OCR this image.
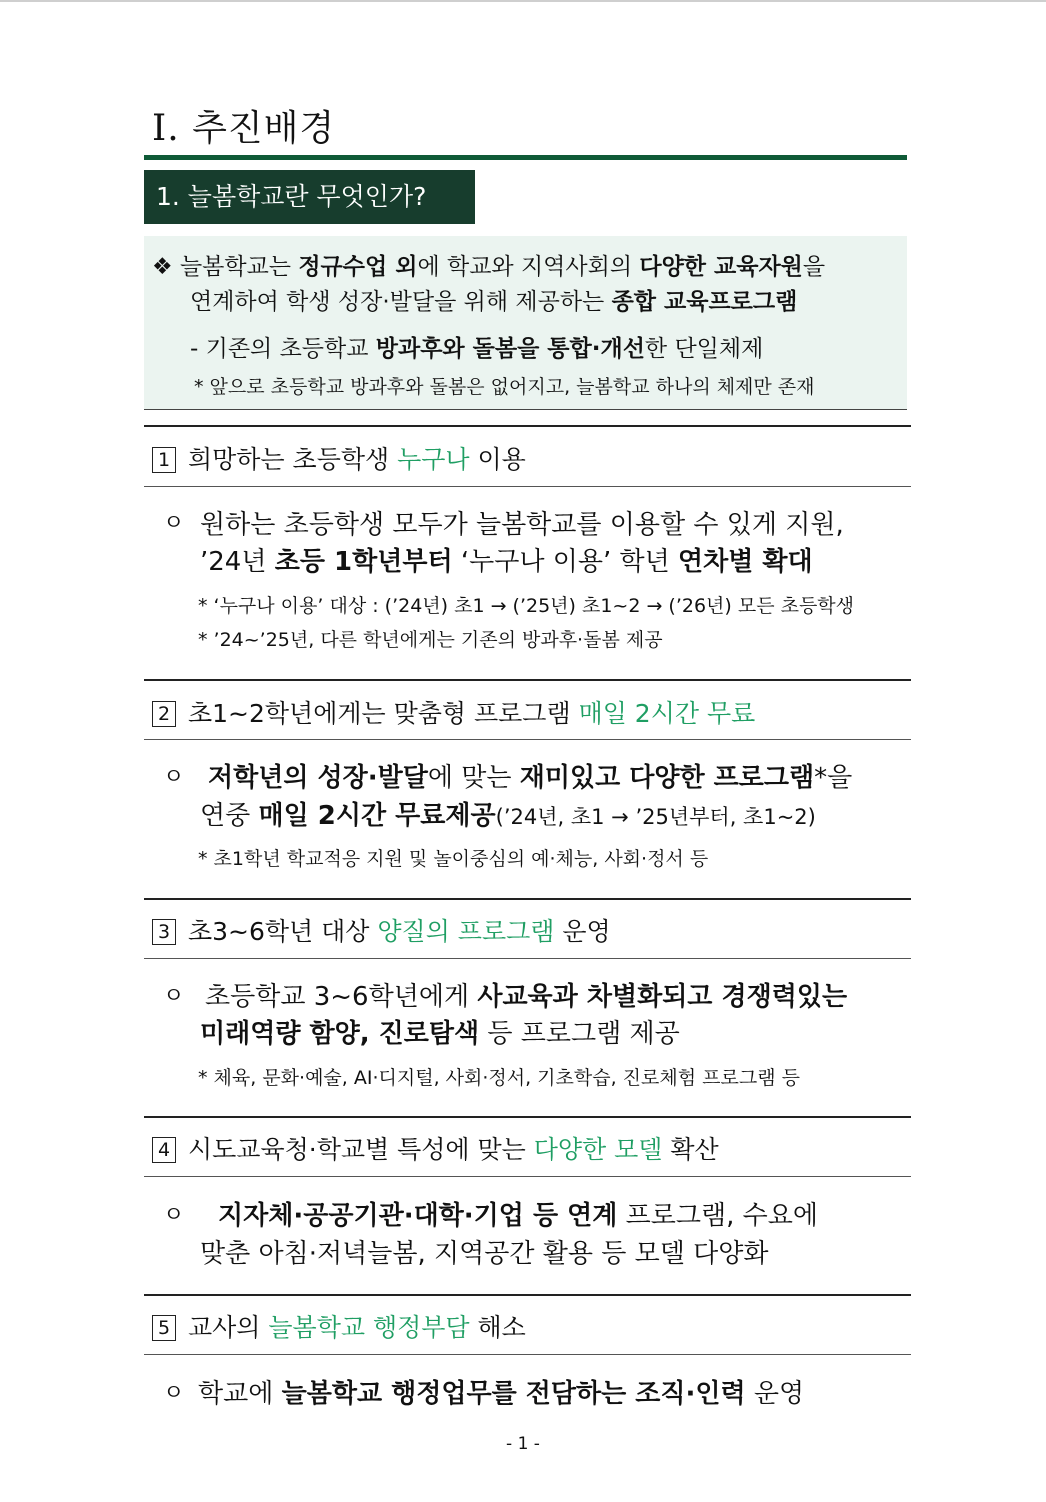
Ⅰ. 추진배경
1. 늘봄학교란 무엇인가?
❖ 늘봄학교는 정규수업 외에 학교와 지역사회의 다양한 교육자원을
연계하여 학생 성장·발달을 위해 제공하는 종합 교육프로그램
- 기존의 초등학교 방과후와 돌봄을 통합·개선한 단일체제
* 앞으로 초등학교 방과후와 돌봄은 없어지고, 늘봄학교 하나의 체제만 존재
1 희망하는 초등학생 누구나 이용
ㅇ 원하는 초등학생 모두가 늘봄학교를 이용할 수 있게 지원,
’24년 초등 1학년부터 ‘누구나 이용’ 학년 연차별 확대
* ‘누구나 이용’ 대상 : (’24년) 초1 → (’25년) 초1~2 → (’26년) 모든 초등학생
* ’24~’25년, 다른 학년에게는 기존의 방과후·돌봄 제공
2 초1~2학년에게는 맞춤형 프로그램 매일 2시간 무료
ㅇ 저학년의 성장·발달에 맞는 재미있고 다양한 프로그램*을
연중 매일 2시간 무료제공(’24년, 초1 → ’25년부터, 초1~2)
* 초1학년 학교적응 지원 및 놀이중심의 예·체능, 사회·정서 등
3 초3~6학년 대상 양질의 프로그램 운영
ㅇ 초등학교 3~6학년에게 사교육과 차별화되고 경쟁력있는
미래역량 함양, 진로탐색 등 프로그램 제공
* 체육, 문화·예술, AI·디지털, 사회·정서, 기초학습, 진로체험 프로그램 등
4 시도교육청·학교별 특성에 맞는 다양한 모델 확산
ㅇ 지자체·공공기관·대학·기업 등 연계 프로그램, 수요에
맞춘 아침·저녁늘봄, 지역공간 활용 등 모델 다양화
5 교사의 늘봄학교 행정부담 해소
ㅇ 학교에 늘봄학교 행정업무를 전담하는 조직·인력 운영
- 1 -
